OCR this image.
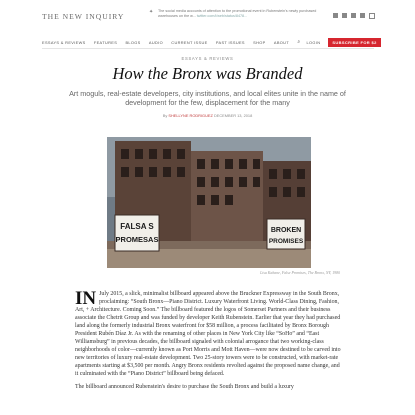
THE NEW INQUIRY	✦ The social media accounts of attention to the promotional event in Rubenstein's newly purchased warehouses on the w... twitter.com/i/web/status/8478...
ESSAYS & REVIEWS FEATURES BLOGS AUDIO CURRENT ISSUE PAST ISSUES SHOP ABOUT ⌕ LOGIN	SUBSCRIBE FOR $2
ESSAYS & REVIEWS
How the Bronx was Branded
Art moguls, real-estate developers, city institutions, and local elites unite in the name of development for the few, displacement for the many
By SHELLYNE RODRIGUEZ DECEMBER 13, 2018
FALSA S
PROMESAS
BROKEN
PROMISES
Lisa Kahane, False Promises, The Bronx, NY, 1980

IN July 2015, a slick, minimalist billboard appeared above the Bruckner Expressway in the South Bronx, proclaiming: “South Bronx—Piano District. Luxury Waterfront Living. World-Class Dining, Fashion, Art, + Architecture. Coming Soon.” The billboard featured the logos of Somerset Partners and their business associate the Chetrit Group and was funded by developer Keith Rubenstein. Earlier that year they had purchased land along the formerly industrial Bronx waterfront for $58 million, a process facilitated by Bronx Borough President Rubén Díaz Jr. As with the renaming of other places in New York City like “SoHo” and “East Williamsburg” in previous decades, the billboard signaled with colonial arrogance that two working-class neighborhoods of color—currently known as Port Morris and Mott Haven—were now destined to be carved into new territories of luxury real-estate development. Two 25-story towers were to be constructed, with market-rate apartments starting at $3,500 per month. Angry Bronx residents revolted against the proposed name change, and it culminated with the “Piano District” billboard being defaced.

The billboard announced Rubenstein's desire to purchase the South Bronx and build a luxury
